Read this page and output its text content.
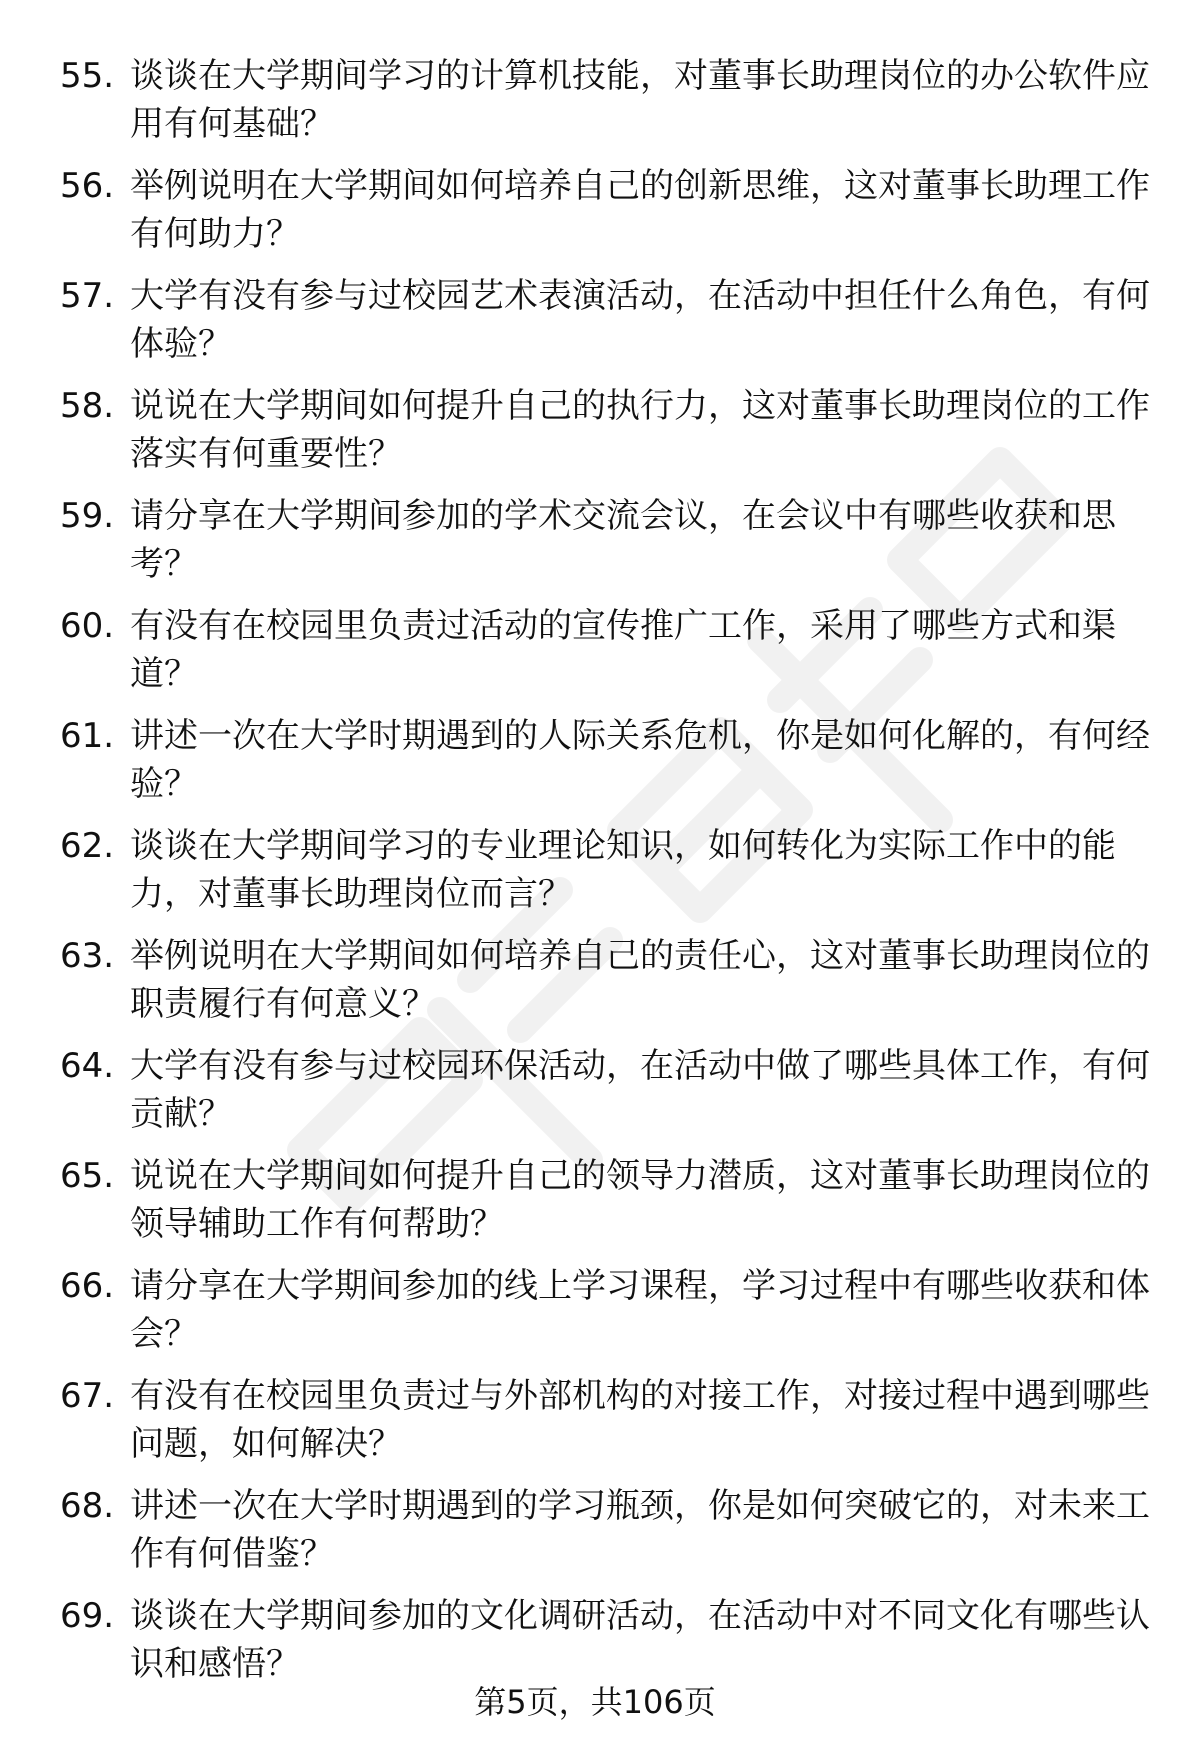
55. 谈谈在大学期间学习的计算机技能，对董事长助理岗位的办公软件应用有何基础？
56. 举例说明在大学期间如何培养自己的创新思维，这对董事长助理工作有何助力？
57. 大学有没有参与过校园艺术表演活动，在活动中担任什么角色，有何体验？
58. 说说在大学期间如何提升自己的执行力，这对董事长助理岗位的工作落实有何重要性？
59. 请分享在大学期间参加的学术交流会议，在会议中有哪些收获和思考？
60. 有没有在校园里负责过活动的宣传推广工作，采用了哪些方式和渠道？
61. 讲述一次在大学时期遇到的人际关系危机，你是如何化解的，有何经验？
62. 谈谈在大学期间学习的专业理论知识，如何转化为实际工作中的能力，对董事长助理岗位而言？
63. 举例说明在大学期间如何培养自己的责任心，这对董事长助理岗位的职责履行有何意义？
64. 大学有没有参与过校园环保活动，在活动中做了哪些具体工作，有何贡献？
65. 说说在大学期间如何提升自己的领导力潜质，这对董事长助理岗位的领导辅助工作有何帮助？
66. 请分享在大学期间参加的线上学习课程，学习过程中有哪些收获和体会？
67. 有没有在校园里负责过与外部机构的对接工作，对接过程中遇到哪些问题，如何解决？
68. 讲述一次在大学时期遇到的学习瓶颈，你是如何突破它的，对未来工作有何借鉴？
69. 谈谈在大学期间参加的文化调研活动，在活动中对不同文化有哪些认识和感悟？
第5页，共106页
